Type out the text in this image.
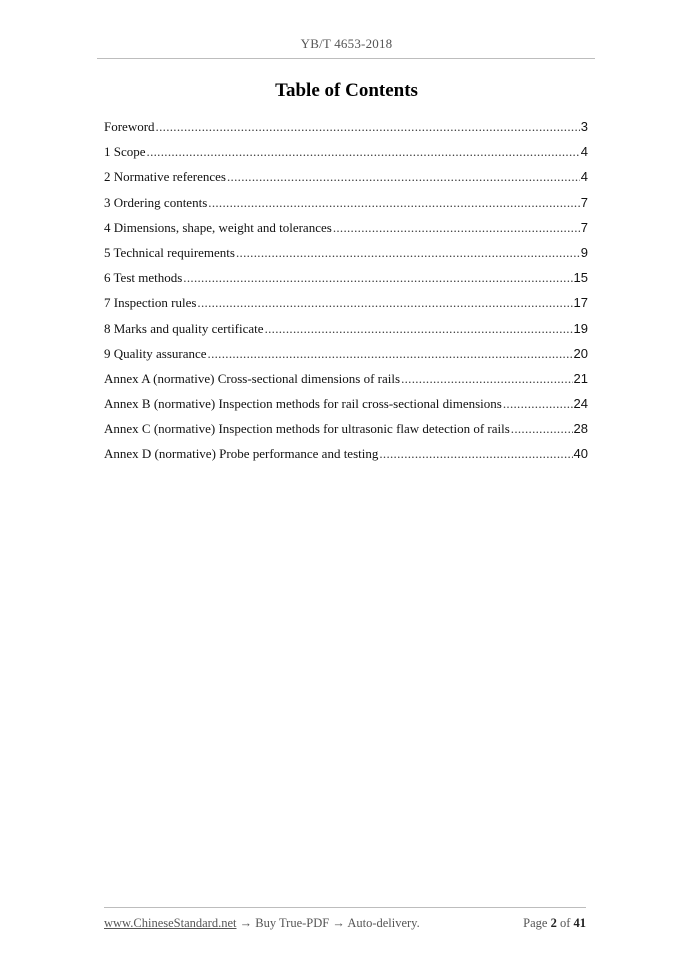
YB/T 4653-2018
Table of Contents
Foreword .....	3
1 Scope .....	4
2 Normative references .....	4
3 Ordering contents .....	7
4 Dimensions, shape, weight and tolerances .....	7
5 Technical requirements .....	9
6 Test methods .....	15
7 Inspection rules .....	17
8 Marks and quality certificate .....	19
9 Quality assurance .....	20
Annex A (normative) Cross-sectional dimensions of rails .....	21
Annex B (normative) Inspection methods for rail cross-sectional dimensions .....	24
Annex C (normative) Inspection methods for ultrasonic flaw detection of rails .....	28
Annex D (normative) Probe performance and testing .....	40
www.ChineseStandard.net → Buy True-PDF → Auto-delivery.	Page 2 of 41
